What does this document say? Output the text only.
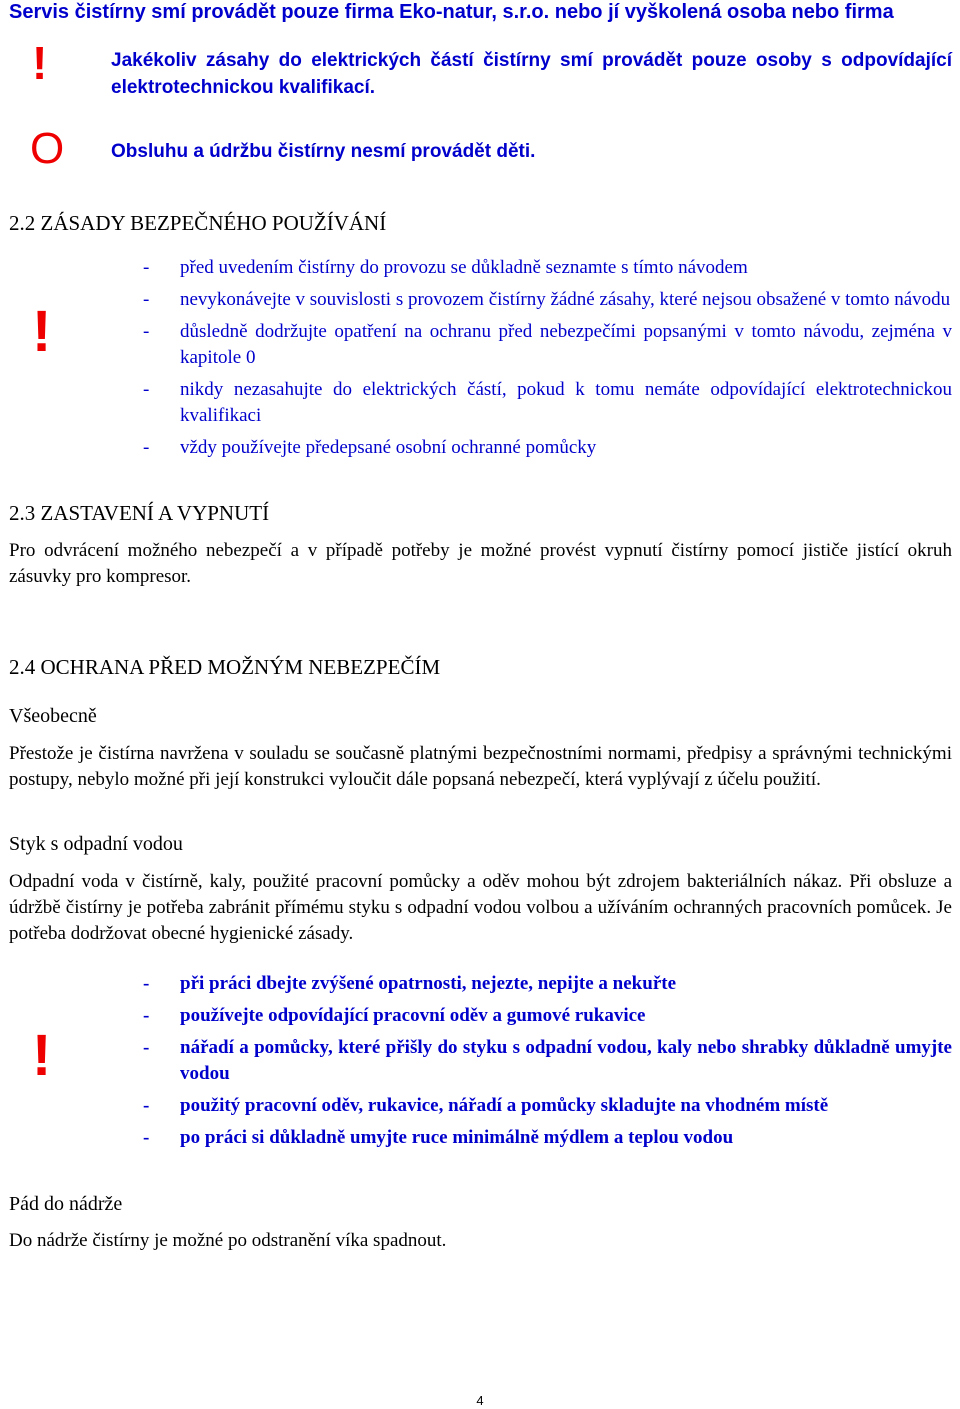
Servis čistírny smí provádět pouze firma Eko-natur, s.r.o. nebo jí vyškolená osoba nebo firma
!	Jakékoliv zásahy do elektrických částí čistírny smí provádět pouze osoby s odpovídající elektrotechnickou kvalifikací.
O Obsluhu a údržbu čistírny nesmí provádět děti.
2.2 ZÁSADY BEZPEČNÉHO POUŽÍVÁNÍ
!
- před uvedením čistírny do provozu se důkladně seznamte s tímto návodem
- nevykonávejte v souvislosti s provozem čistírny žádné zásahy, které nejsou obsažené v tomto návodu
- důsledně dodržujte opatření na ochranu před nebezpečími popsanými v tomto návodu, zejména v kapitole 0
- nikdy nezasahujte do elektrických částí, pokud k tomu nemáte odpovídající elektrotechnickou kvalifikaci
- vždy používejte předepsané osobní ochranné pomůcky
2.3 ZASTAVENÍ A VYPNUTÍ
Pro odvrácení možného nebezpečí a v případě potřeby je možné provést vypnutí čistírny pomocí jističe jistící okruh zásuvky pro kompresor.
2.4 OCHRANA PŘED MOŽNÝM NEBEZPEČÍM
Všeobecně
Přestože je čistírna navržena v souladu se současně platnými bezpečnostními normami, předpisy a správnými technickými postupy, nebylo možné při její konstrukci vyloučit dále popsaná nebezpečí, která vyplývají z účelu použití.
Styk s odpadní vodou
Odpadní voda v čistírně, kaly, použité pracovní pomůcky a oděv mohou být zdrojem bakteriálních nákaz. Při obsluze a údržbě čistírny je potřeba zabránit přímému styku s odpadní vodou volbou a užíváním ochranných pracovních pomůcek. Je potřeba dodržovat obecné hygienické zásady.
!
- při práci dbejte zvýšené opatrnosti, nejezte, nepijte a nekuřte
- používejte odpovídající pracovní oděv a gumové rukavice
- nářadí a pomůcky, které přišly do styku s odpadní vodou, kaly nebo shrabky důkladně umyjte vodou
- použitý pracovní oděv, rukavice, nářadí a pomůcky skladujte na vhodném místě
- po práci si důkladně umyjte ruce minimálně mýdlem a teplou vodou
Pád do nádrže
Do nádrže čistírny je možné po odstranění víka spadnout.
4
